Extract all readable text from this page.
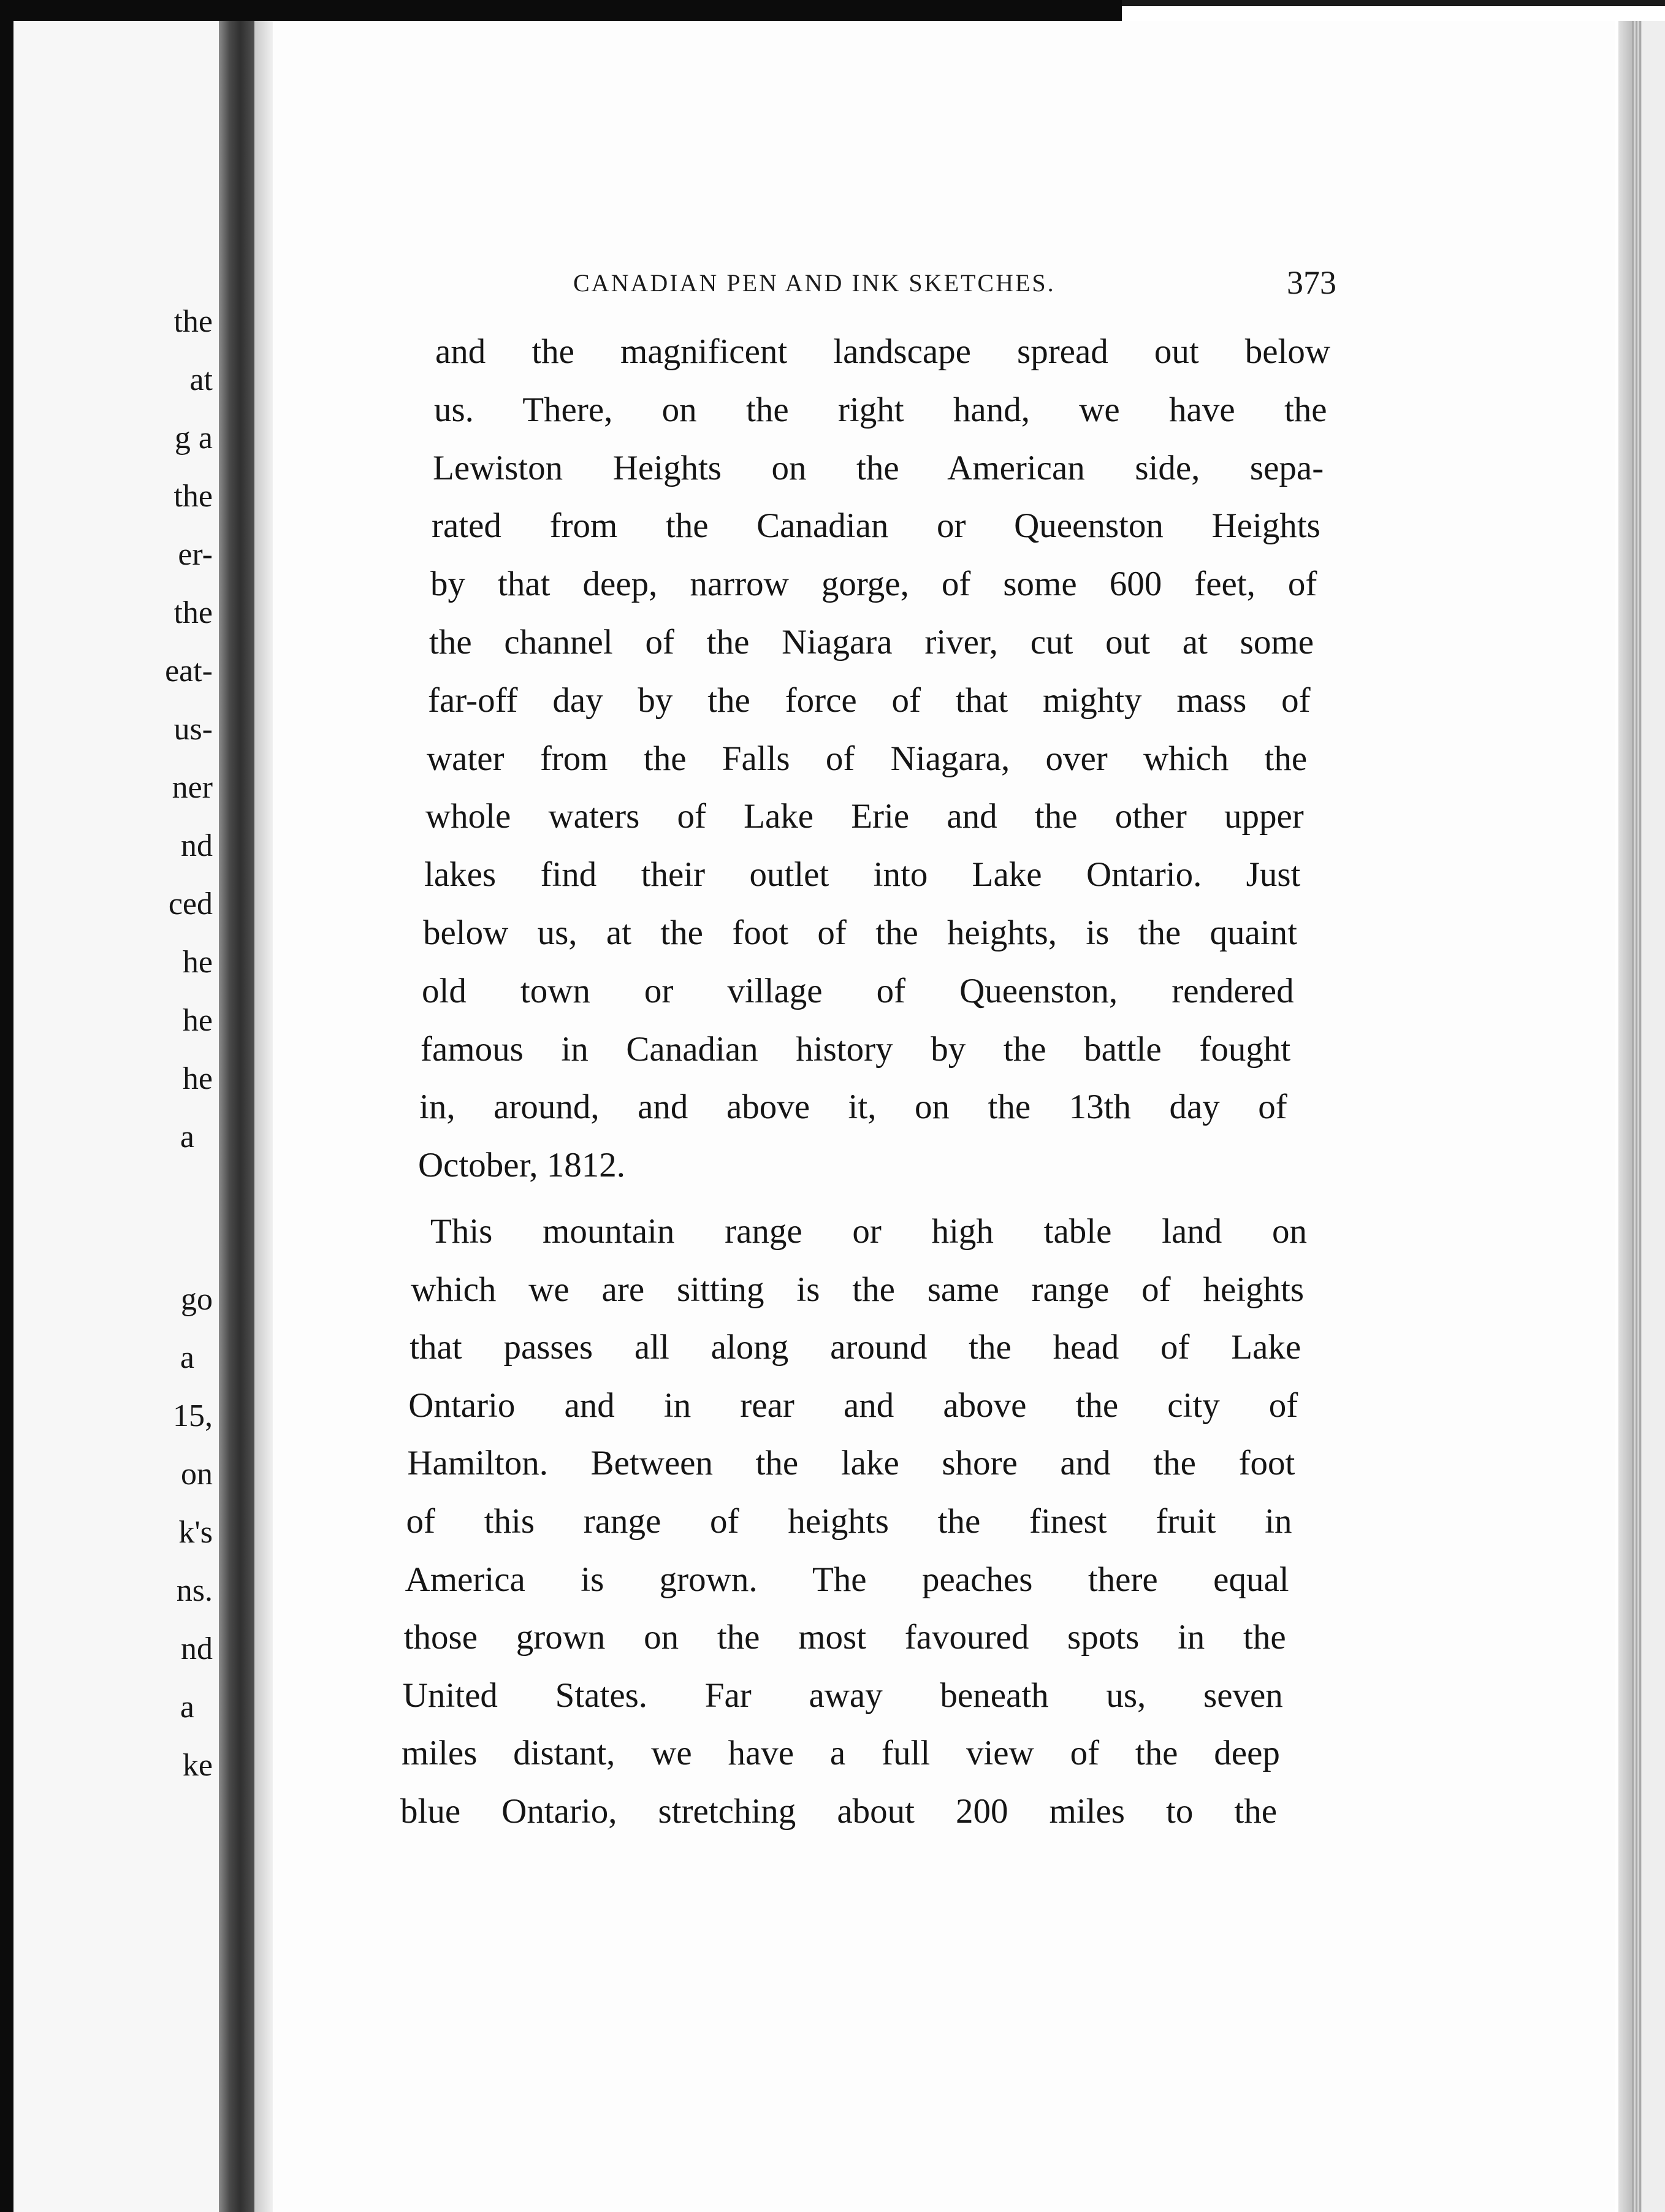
the
at
g a
the
er-
the
eat-
us-
ner
nd
ced
he
he
he
a
go
a
15,
on
k's
ns.
nd
a
ke
CANADIAN PEN AND INK SKETCHES.	373
and the magnificent landscape spread out below
us. There, on the right hand, we have the
Lewiston Heights on the American side, sepa-
rated from the Canadian or Queenston Heights
by that deep, narrow gorge, of some 600 feet, of
the channel of the Niagara river, cut out at some
far-off day by the force of that mighty mass of
water from the Falls of Niagara, over which the
whole waters of Lake Erie and the other upper
lakes find their outlet into Lake Ontario. Just
below us, at the foot of the heights, is the quaint
old town or village of Queenston, rendered
famous in Canadian history by the battle fought
in, around, and above it, on the 13th day of
October, 1812.
This mountain range or high table land on
which we are sitting is the same range of heights
that passes all along around the head of Lake
Ontario and in rear and above the city of
Hamilton. Between the lake shore and the foot
of this range of heights the finest fruit in
America is grown. The peaches there equal
those grown on the most favoured spots in the
United States. Far away beneath us, seven
miles distant, we have a full view of the deep
blue Ontario, stretching about 200 miles to the
